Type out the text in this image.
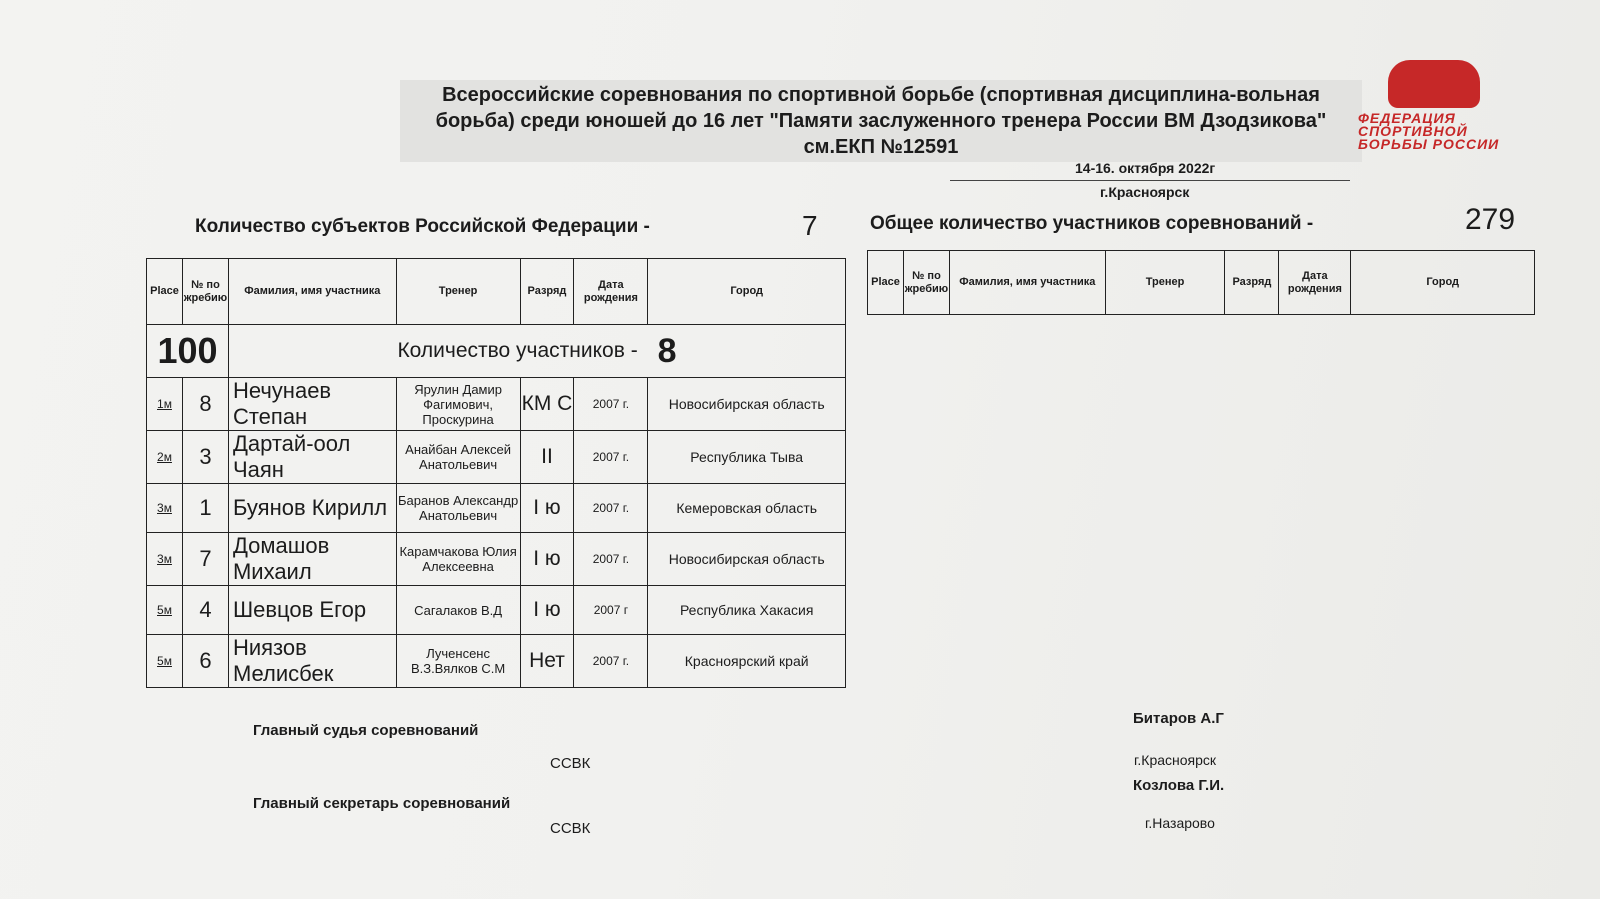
Всероссийские соревнования по спортивной борьбе (спортивная дисциплина-вольная борьба) среди юношей до 16 лет "Памяти заслуженного тренера России ВМ Дзодзикова" см.ЕКП №12591
ФЕДЕРАЦИЯ СПОРТИВНОЙ БОРЬБЫ РОССИИ
14-16. октября 2022г
г.Красноярск
Количество субъектов Российской Федерации -	7	Общее количество участников соревнований -	279
Place	№ по жребию	Фамилия, имя участника	Тренер	Разряд	Дата рождения	Город
100		Количество участников - 8				
1м	8	Нечунаев Степан	Ярулин Дамир Фагимович, Проскурина	КМ С	2007 г.	Новосибирская область
2м	3	Дартай-оол Чаян	Анайбан Алексей Анатольевич	II	2007 г.	Республика Тыва
3м	1	Буянов Кирилл	Баранов Александр Анатольевич	I ю	2007 г.	Кемеровская область
3м	7	Домашов Михаил	Карамчакова Юлия Алексеевна	I ю	2007 г.	Новосибирская область
5м	4	Шевцов Егор	Сагалаков В.Д	I ю	2007 г	Республика Хакасия
5м	6	Ниязов Мелисбек	Лученсенс В.З.Вялков С.М	Нет	2007 г.	Красноярский край
Place	№ по жребию	Фамилия, имя участника	Тренер	Разряд	Дата рождения	Город
Главный судья соревнований
ССВК
Битаров А.Г
г.Красноярск
Главный секретарь соревнований
ССВК
Козлова Г.И.
г.Назарово
